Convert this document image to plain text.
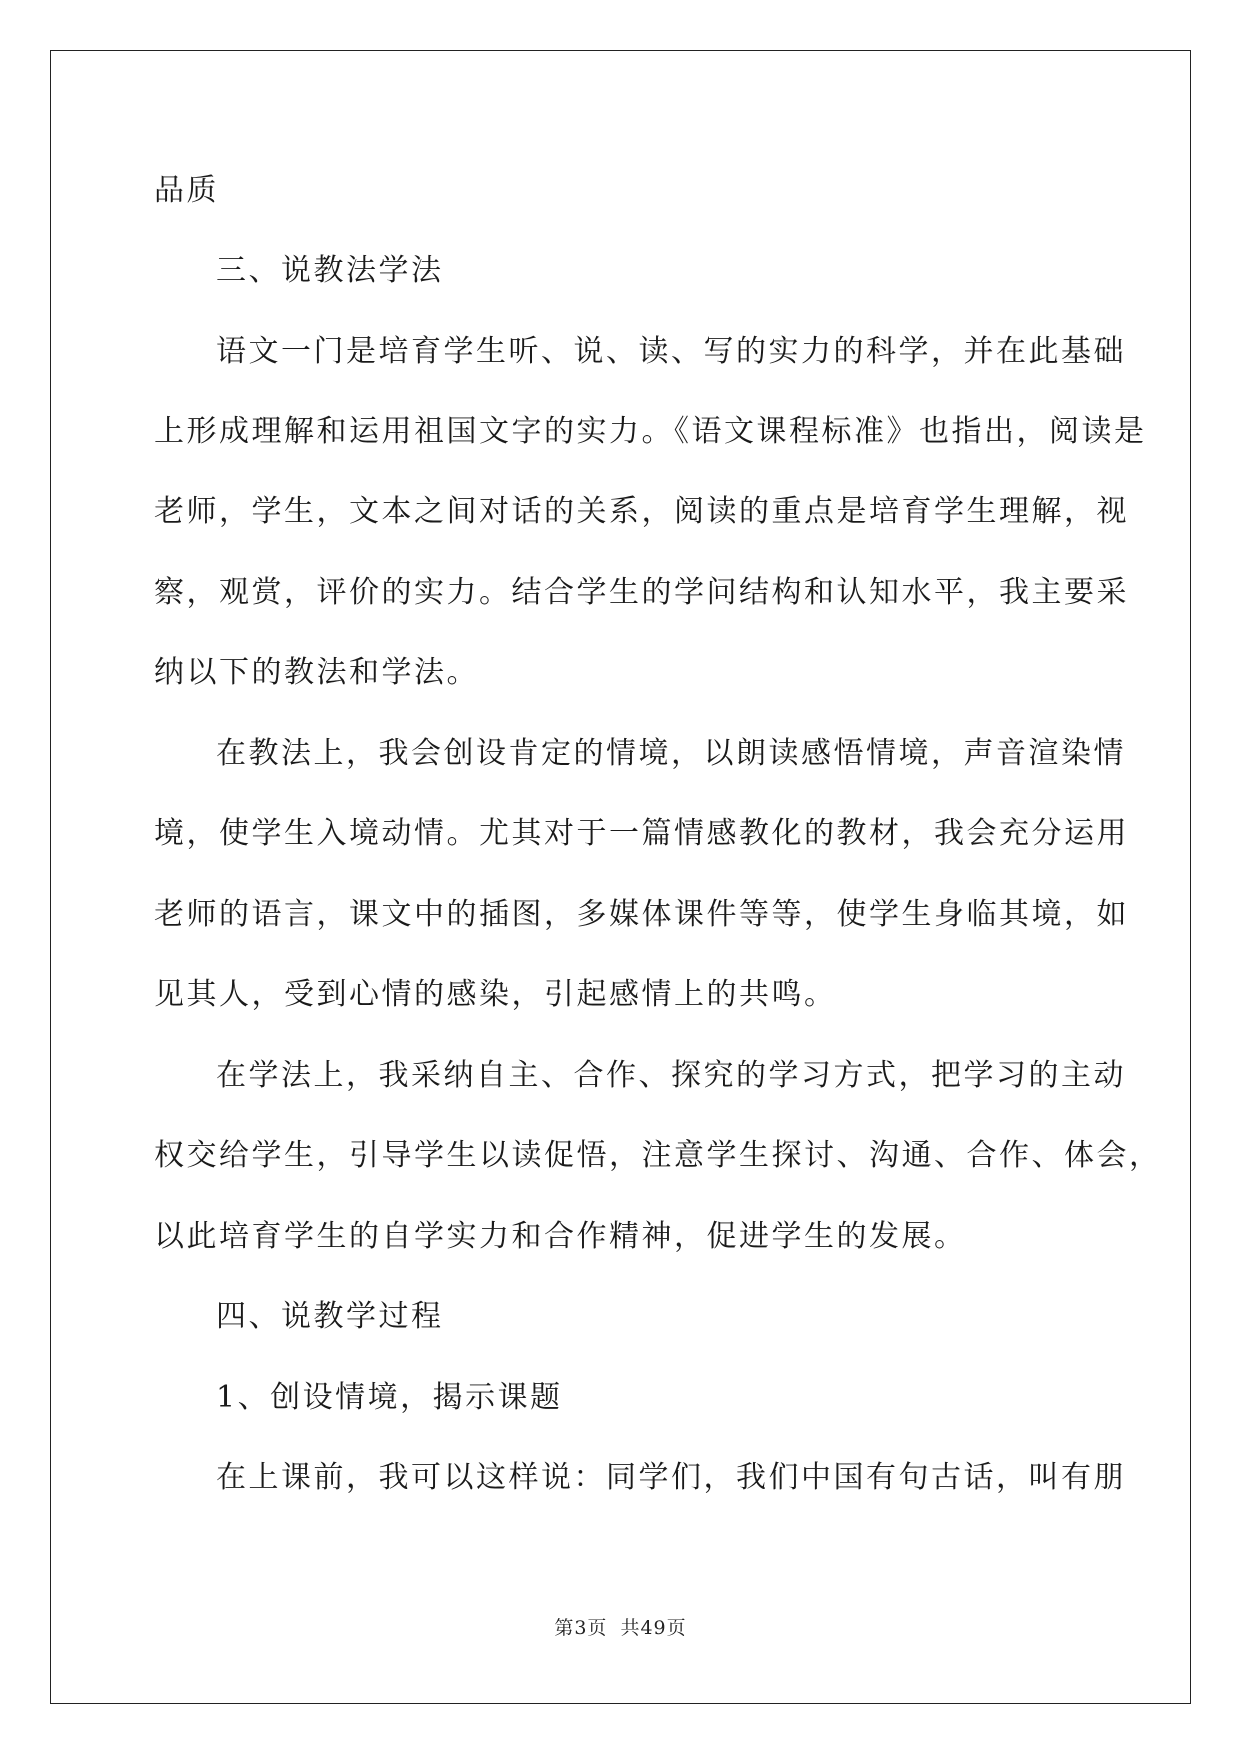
品质
三、说教法学法
语文一门是培育学生听、说、读、写的实力的科学，并在此基础
上形成理解和运用祖国文字的实力。《语文课程标准》也指出，阅读是
老师，学生，文本之间对话的关系，阅读的重点是培育学生理解，视
察，观赏，评价的实力。结合学生的学问结构和认知水平，我主要采
纳以下的教法和学法。
在教法上，我会创设肯定的情境，以朗读感悟情境，声音渲染情
境，使学生入境动情。尤其对于一篇情感教化的教材，我会充分运用
老师的语言，课文中的插图，多媒体课件等等，使学生身临其境，如
见其人，受到心情的感染，引起感情上的共鸣。
在学法上，我采纳自主、合作、探究的学习方式，把学习的主动
权交给学生，引导学生以读促悟，注意学生探讨、沟通、合作、体会，
以此培育学生的自学实力和合作精神，促进学生的发展。
四、说教学过程
1、创设情境，揭示课题
在上课前，我可以这样说：同学们，我们中国有句古话，叫有朋
第3页 共49页
